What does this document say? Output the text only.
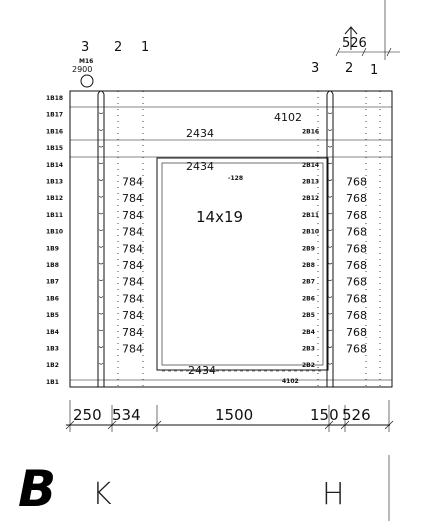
3 2 1
M16
2900	3 2 1
526
1B18
1B17
1B16
1B15
1B14
1B13
1B12
1B11
1B10
1B9
1B8
1B7
1B6
1B5
1B4
1B3
1B2
1B1
4102
2434
2434
-128
14x19
2434
4102
2B16
2B14
2B13
2B12
2B11
2B10
2B9
2B8
2B7
2B6
2B5
2B4
2B3
2B2
784
784
784
784
784
784
784
784
784
784
784
768
768
768
768
768
768
768
768
768
768
768
250 534	1500	150 526
B K	H
